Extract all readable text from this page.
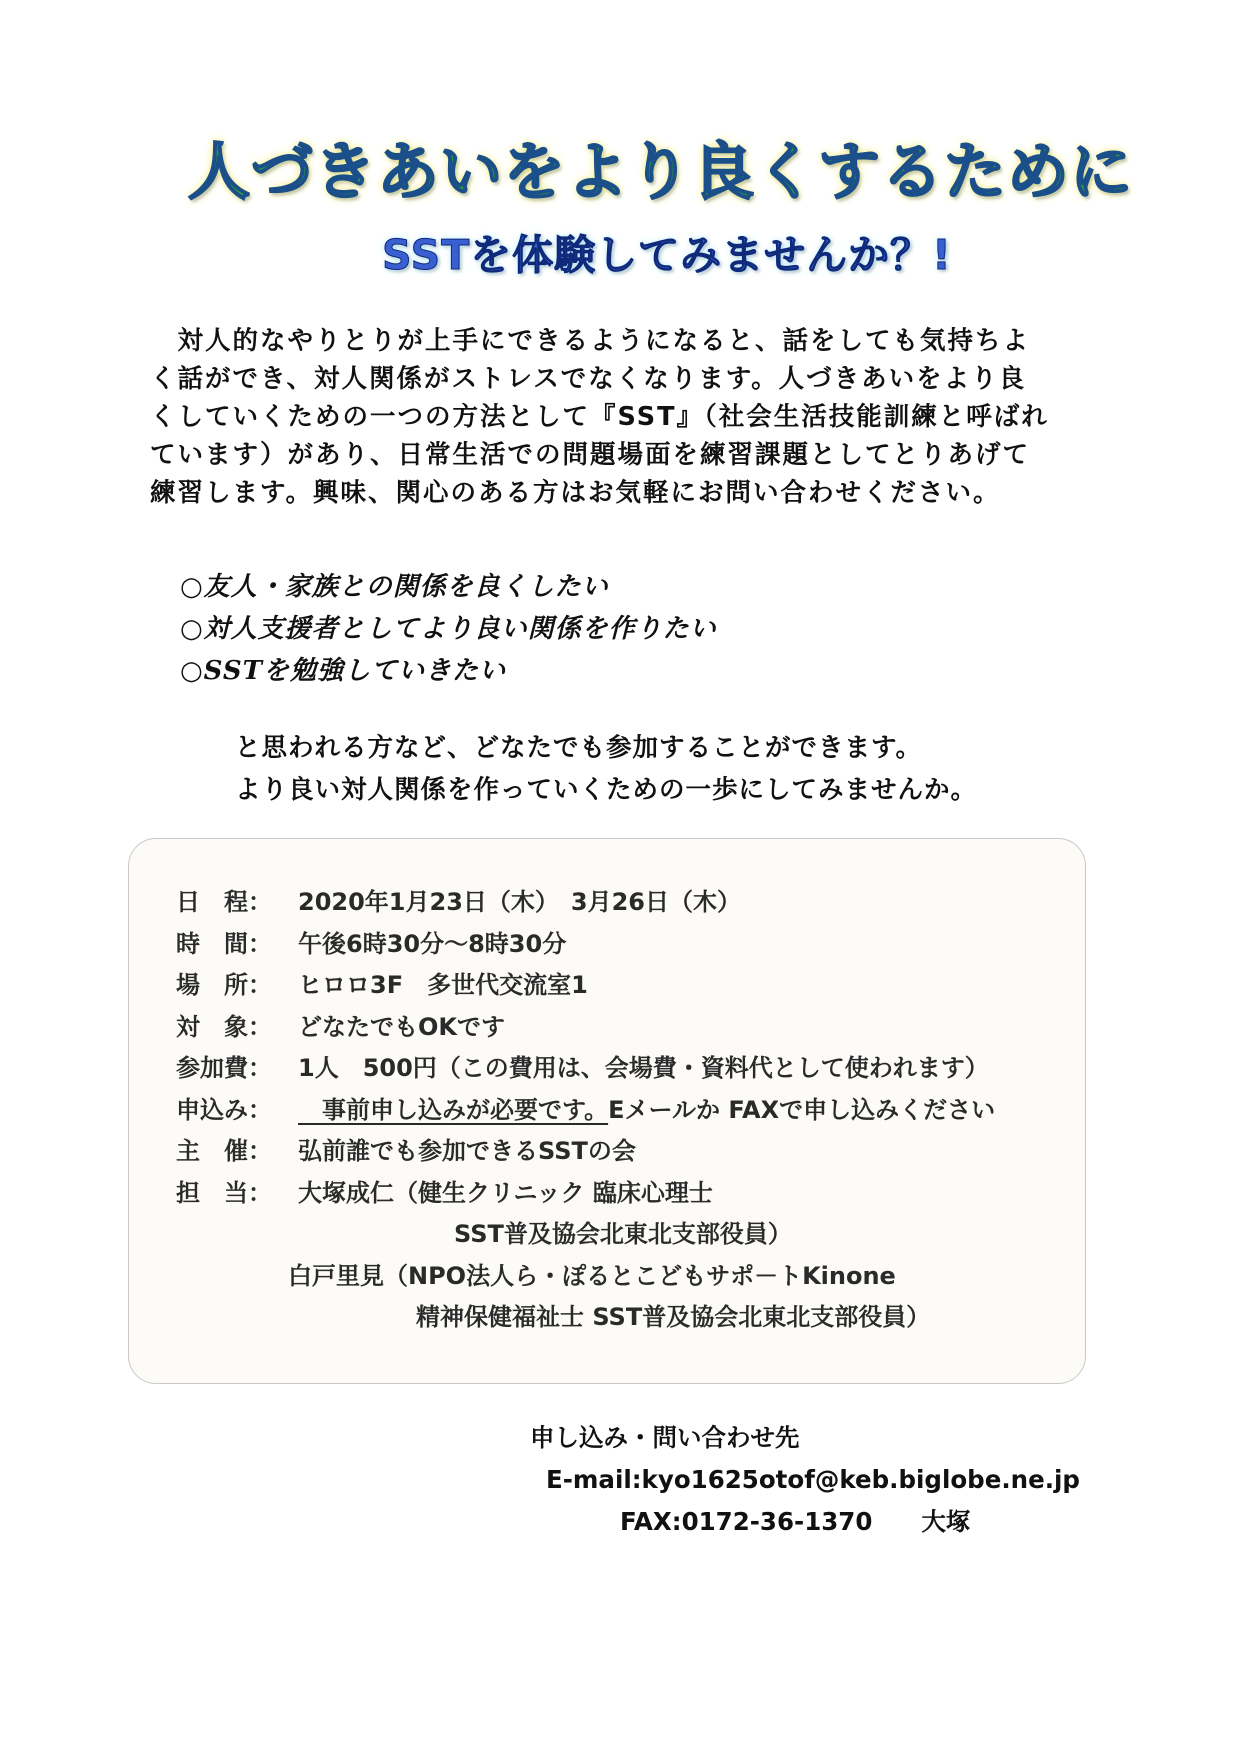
人づきあいをより良くするために
SSTを体験してみませんか？!

　対人的なやりとりが上手にできるようになると、話をしても気持ちよ

く話ができ、対人関係がストレスでなくなります。人づきあいをより良

くしていくための一つの方法として『SST』（社会生活技能訓練と呼ばれ

ています）があり、日常生活での問題場面を練習課題としてとりあげて

練習します。興味、関心のある方はお気軽にお問い合わせください。

○友人・家族との関係を良くしたい

○対人支援者としてより良い関係を作りたい

○SSTを勉強していきたい

と思われる方など、どなたでも参加することができます。

より良い対人関係を作っていくための一歩にしてみませんか。

日　程：	2020年1月23日（木）　3月26日（木）
時　間：	午後6時30分～8時30分
場　所：	ヒロロ3F　多世代交流室1
対　象：	どなたでもOKです
参加費：	1人　500円（この費用は、会場費・資料代として使われます）
申込み：	　事前申し込みが必要です。 Eメールか FAXで申し込みください
主　催：	弘前誰でも参加できるSSTの会
担　当：	大塚成仁（健生クリニック 臨床心理士
SST普及協会北東北支部役員）
白戸里見（NPO法人ら・ぽるとこどもサポ－トKinone
精神保健福祉士 SST普及協会北東北支部役員）

申し込み・問い合わせ先

E-mail:kyo1625otof@keb.biglobe.ne.jp

FAX:0172-36-1370　　大塚
